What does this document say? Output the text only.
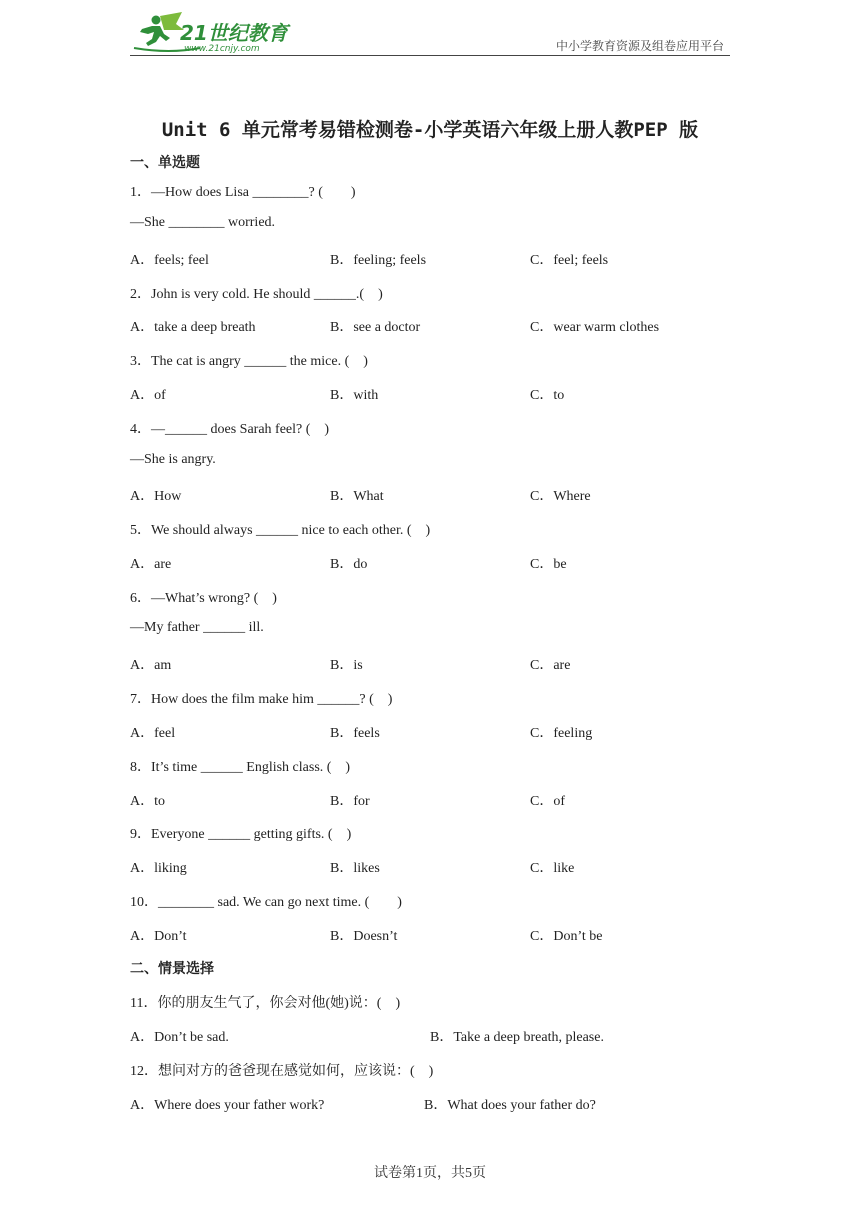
21世纪教育
www.21cnjy.com	中小学教育资源及组卷应用平台
Unit 6 单元常考易错检测卷-小学英语六年级上册人教PEP 版
一、单选题
1．—How does Lisa ________? (　　)
—She ________ worried.
A．feels; feel	B．feeling; feels	C．feel; feels
2．John is very cold. He should ______.(　)
A．take a deep breath	B．see a doctor	C．wear warm clothes
3．The cat is angry ______ the mice. (　)
A．of	B．with	C．to
4．—______ does Sarah feel? (　)
—She is angry.
A．How	B．What	C．Where
5．We should always ______ nice to each other. (　)
A．are	B．do	C．be
6．—What’s wrong? (　)
—My father ______ ill.
A．am	B．is	C．are
7．How does the film make him ______? (　)
A．feel	B．feels	C．feeling
8．It’s time ______ English class. (　)
A．to	B．for	C．of
9．Everyone ______ getting gifts. (　)
A．liking	B．likes	C．like
10．________ sad. We can go next time. (　　)
A．Don’t	B．Doesn’t	C．Don’t be
二、情景选择
11．你的朋友生气了，你会对他(她)说：(　)
A．Don’t be sad.	B．Take a deep breath, please.
12．想问对方的爸爸现在感觉如何，应该说：(　)
A．Where does your father work?	B．What does your father do?
试卷第1页，共5页
